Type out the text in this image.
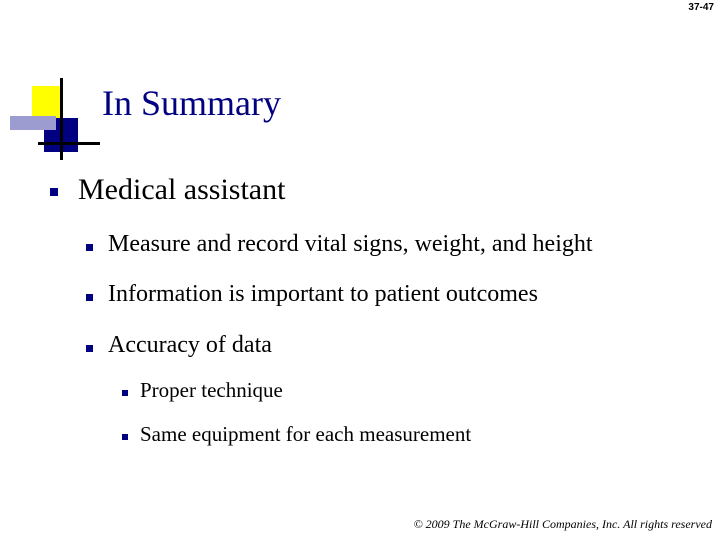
37-47
In Summary
Medical assistant
Measure and record vital signs, weight, and height
Information is important to patient outcomes
Accuracy of data
Proper technique
Same equipment for each measurement
© 2009 The McGraw-Hill Companies, Inc. All rights reserved
